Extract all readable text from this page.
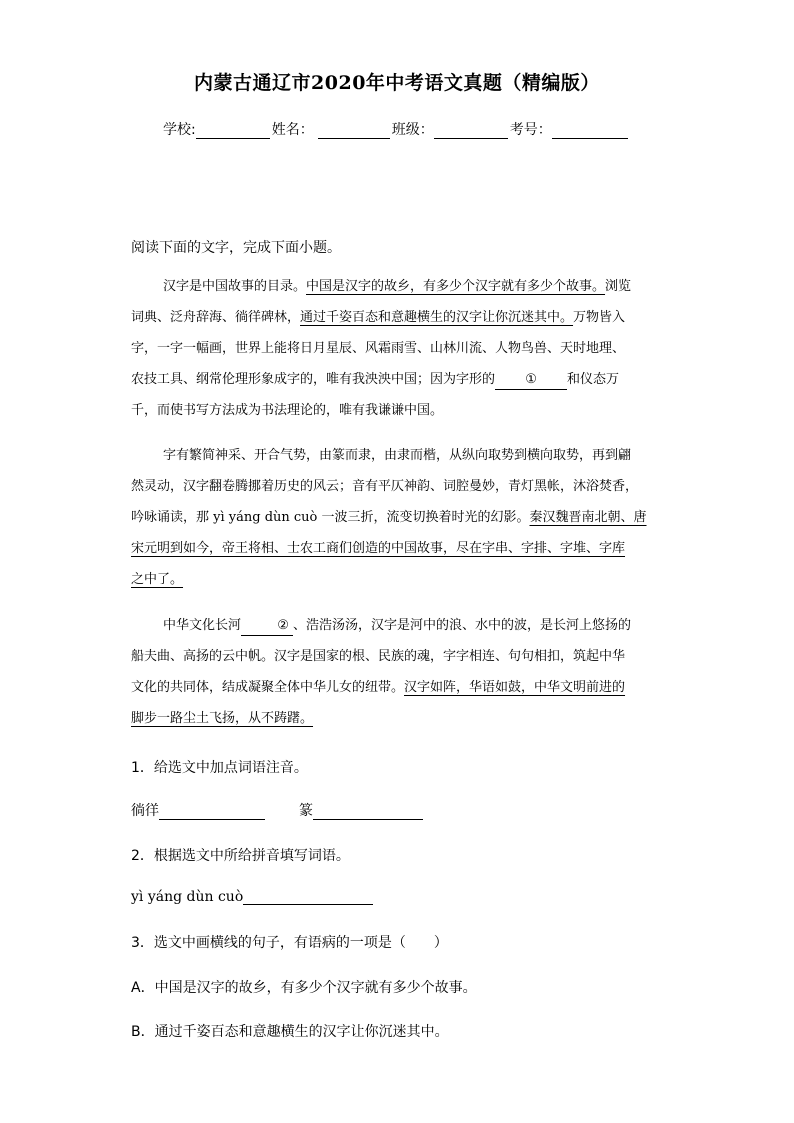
内蒙古通辽市2020年中考语文真题（精编版）
学校:	姓名：	班级：	考号：
阅读下面的文字，完成下面小题。
汉字是中国故事的目录。中国是汉字的故乡，有多少个汉字就有多少个故事。浏览
词典、泛舟辞海、徜徉碑林，通过千姿百态和意趣横生的汉字让你沉迷其中。万物皆入
字，一字一幅画，世界上能将日月星辰、风霜雨雪、山林川流、人物鸟兽、天时地理、
农技工具、纲常伦理形象成字的，唯有我泱泱中国；因为字形的 ① 和仪态万
千，而使书写方法成为书法理论的，唯有我谦谦中国。
字有繁简神采、开合气势，由篆而隶，由隶而楷，从纵向取势到横向取势，再到翩
然灵动，汉字翻卷腾挪着历史的风云；音有平仄神韵、词腔曼妙，青灯黑帐，沐浴焚香，
吟咏诵读，那 yì yáng dùn cuò 一波三折，流变切换着时光的幻影。秦汉魏晋南北朝、唐
宋元明到如今，帝王将相、士农工商们创造的中国故事，尽在字串、字排、字堆、字库
之中了。
中华文化长河	② 、浩浩汤汤，汉字是河中的浪、水中的波，是长河上悠扬的
船夫曲、高扬的云中帆。汉字是国家的根、民族的魂，字字相连、句句相扣，筑起中华
文化的共同体，结成凝聚全体中华儿女的纽带。汉字如阵，华语如鼓，中华文明前进的
脚步一路尘土飞扬，从不踌躇。
1．给选文中加点词语注音。
徜徉	篆
2．根据选文中所给拼音填写词语。
yì yáng dùn cuò
3．选文中画横线的句子，有语病的一项是（　　）
A．中国是汉字的故乡，有多少个汉字就有多少个故事。
B．通过千姿百态和意趣横生的汉字让你沉迷其中。
